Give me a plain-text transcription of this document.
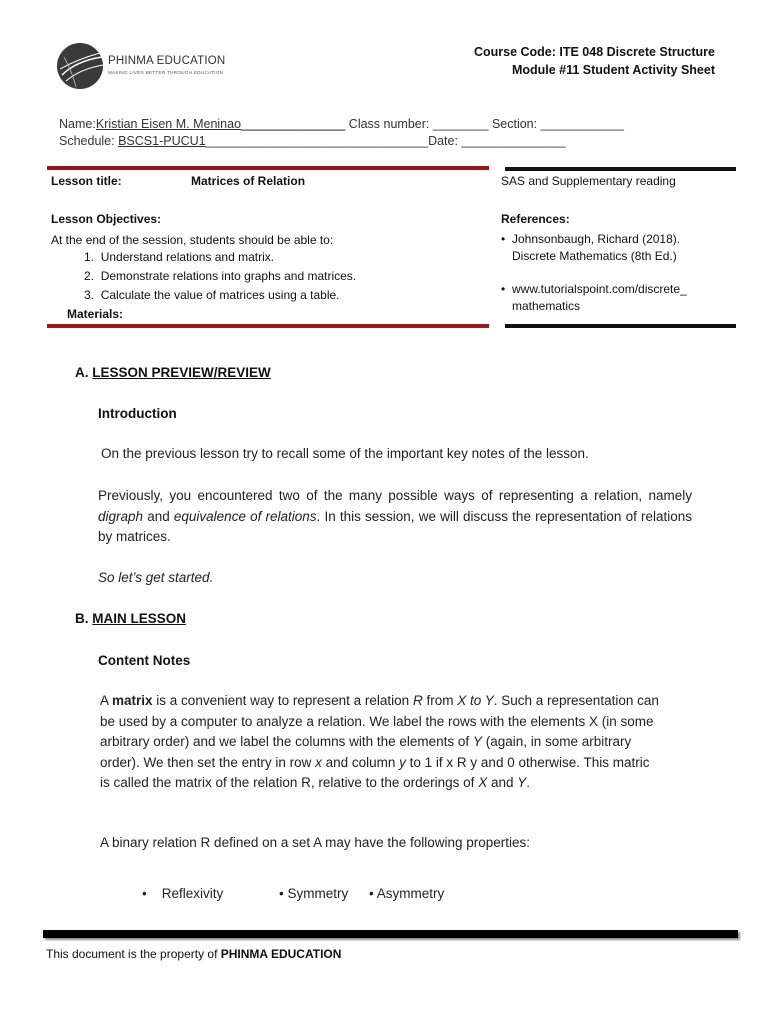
PHINMA EDUCATION
MAKING LIVES BETTER THROUGH EDUCATION
Course Code: ITE 048 Discrete Structure
Module #11 Student Activity Sheet
Name:Kristian Eisen M. Meninao_______________ Class number: ________ Section: ____________
Schedule: BSCS1-PUCU1________________________________Date: _______________
Lesson title:	Matrices of Relation	SAS and Supplementary reading
Lesson Objectives:
At the end of the session, students should be able to:
1.  Understand relations and matrix.
2.  Demonstrate relations into graphs and matrices.
3.  Calculate the value of matrices using a table.
Materials:
References:
• Johnsonbaugh, Richard (2018). Discrete Mathematics (8th Ed.)
• www.tutorialspoint.com/discrete_ mathematics
A. LESSON PREVIEW/REVIEW
Introduction
On the previous lesson try to recall some of the important key notes of the lesson.
Previously, you encountered two of the many possible ways of representing a relation, namely digraph and equivalence of relations. In this session, we will discuss the representation of relations by matrices.
So let’s get started.
B. MAIN LESSON
Content Notes
A matrix is a convenient way to represent a relation R from X to Y. Such a representation can be used by a computer to analyze a relation. We label the rows with the elements X (in some arbitrary order) and we label the columns with the elements of Y (again, in some arbitrary order). We then set the entry in row x and column y to 1 if x R y and 0 otherwise. This matric is called the matrix of the relation R, relative to the orderings of X and Y.
A binary relation R defined on a set A may have the following properties:
•    Reflexivity	• Symmetry • Asymmetry
This document is the property of PHINMA EDUCATION
